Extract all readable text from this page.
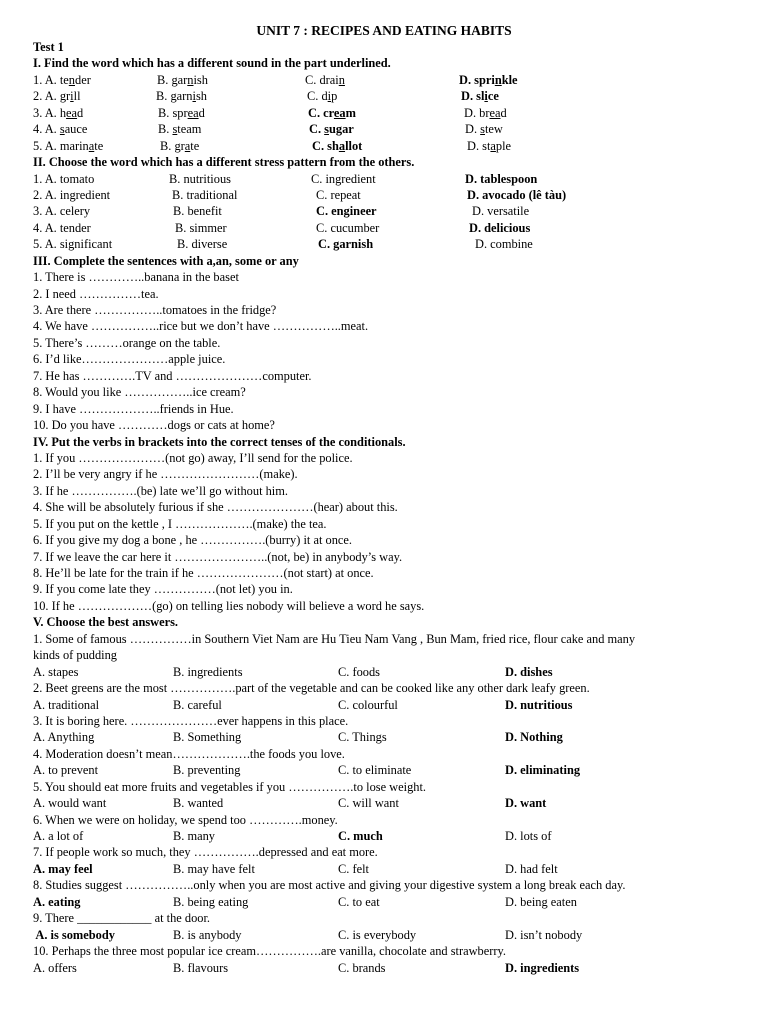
UNIT 7 : RECIPES AND EATING HABITS
Test 1
I. Find the word which has a different sound in the part underlined.
1. A. tender	B. garnish	C. drain	D. sprinkle
2. A. grill	B. garnish	C. dip	D. slice
3. A. head	B. spread	C. cream	D. bread
4. A. sauce	B. steam	C. sugar	D. stew
5. A. marinate	B. grate	C. shallot	D. staple
II. Choose the word which has a different stress pattern from the others.
1. A. tomato	B. nutritious	C. ingredient	D. tablespoon
2. A. ingredient	B. traditional	C. repeat	D. avocado (lê tàu)
3. A. celery	B. benefit	C. engineer	D. versatile
4. A. tender	B. simmer	C. cucumber	D. delicious
5. A. significant	B. diverse	C. garnish	D. combine
III. Complete the sentences with a,an, some or any
1. There is …………..banana in the baset
2. I need ……………tea.
3. Are there ……………..tomatoes in the fridge?
4. We have ……………..rice but we don’t have ……………..meat.
5. There’s ………orange on the table.
6. I’d like…………………apple juice.
7. He has ………….TV and …………………computer.
8. Would you like ……………..ice cream?
9. I have ………………..friends in Hue.
10. Do you have …………dogs or cats at home?
IV. Put the verbs in brackets into the correct tenses of the conditionals.
1. If you …………………(not go) away, I’ll send for the police.
2. I’ll be very angry if he ……………………(make).
3. If he …………….(be) late we’ll go without him.
4. She will be absolutely furious if she …………………(hear) about this.
5. If you put on the kettle , I ……………….(make) the tea.
6. If you give my dog a bone , he …………….(burry) it at once.
7. If we leave the car here it …………………..(not, be) in anybody’s way.
8. He’ll be late for the train if he …………………(not start) at once.
9. If you come late they ……………(not let) you in.
10. If he ………………(go) on telling lies nobody will believe a word he says.
V. Choose the best answers.
1. Some of famous ……………in Southern Viet Nam are Hu Tieu Nam Vang , Bun Mam, fried rice, flour cake and many
kinds of pudding
A. stapes	B. ingredients	C. foods	D. dishes
2. Beet greens are the most …………….part of the vegetable and can be cooked like any other dark leafy green.
A. traditional	B. careful	C. colourful	D. nutritious
3. It is boring here. …………………ever happens in this place.
A. Anything	B. Something	C. Things	D. Nothing
4. Moderation doesn’t mean……………….the foods you love.
A. to prevent	B. preventing	C. to eliminate	D. eliminating
5. You should eat more fruits and vegetables if you …………….to lose weight.
A. would want	B. wanted	C. will want	D. want
6. When we were on holiday, we spend too ………….money.
A. a lot of	B. many	C. much	D. lots of
7. If people work so much, they …………….depressed and eat more.
A. may feel	B. may have felt	C. felt	D. had felt
8. Studies suggest ……………..only when you are most active and giving your digestive system a long break each day.
A. eating	B. being eating	C. to eat	D. being eaten
9. There ____________ at the door.
A. is somebody	B. is anybody	C. is everybody	D. isn’t nobody
10. Perhaps the three most popular ice cream…………….are vanilla, chocolate and strawberry.
A. offers	B. flavours	C. brands	D. ingredients
